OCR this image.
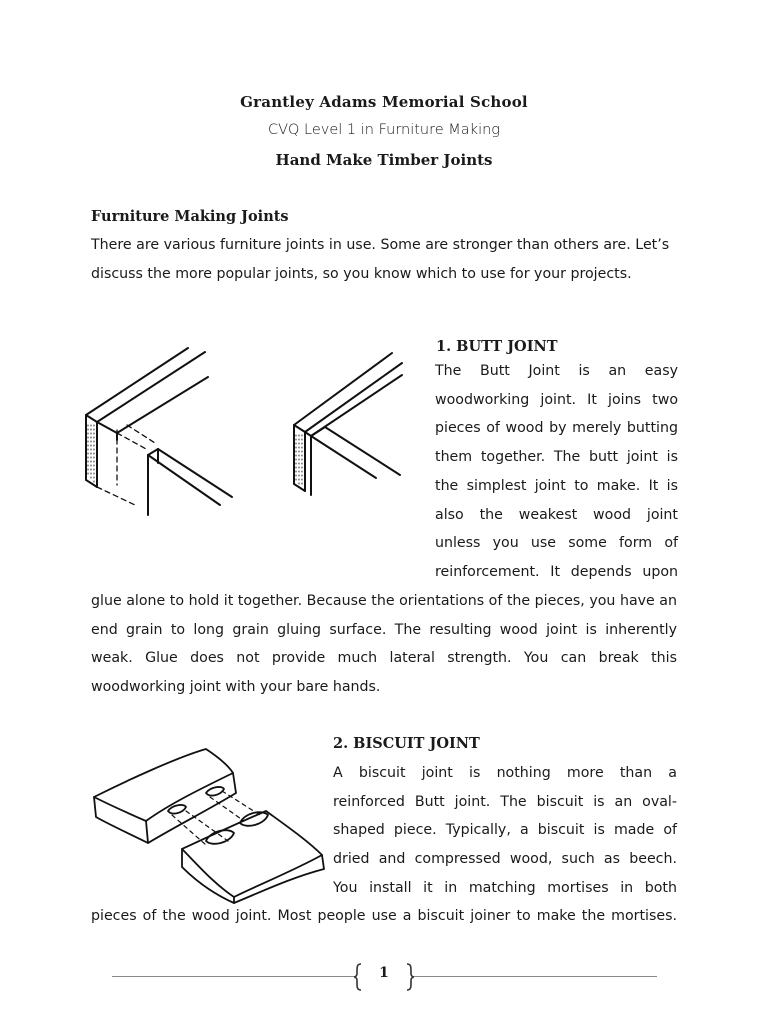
Grantley Adams Memorial School
CVQ Level 1 in Furniture Making
Hand Make Timber Joints
Furniture Making Joints

There are various furniture joints in use. Some are stronger than others are. Let’s discuss the more popular joints, so you know which to use for your projects.

1. BUTT JOINT
The Butt Joint is an easy
woodworking joint. It joins two
pieces of wood by merely butting
them together. The butt joint is
the simplest joint to make. It is
also the weakest wood joint
unless you use some form of
reinforcement. It depends upon
glue alone to hold it together. Because the orientations of the pieces, you have an
end grain to long grain gluing surface. The resulting wood joint is inherently
weak. Glue does not provide much lateral strength. You can break this
woodworking joint with your bare hands.
2. BISCUIT JOINT
A biscuit joint is nothing more than a
reinforced Butt joint. The biscuit is an oval-
shaped piece. Typically, a biscuit is made of
dried and compressed wood, such as beech.
You install it in matching mortises in both
pieces of the wood joint. Most people use a biscuit joiner to make the mortises.
1
